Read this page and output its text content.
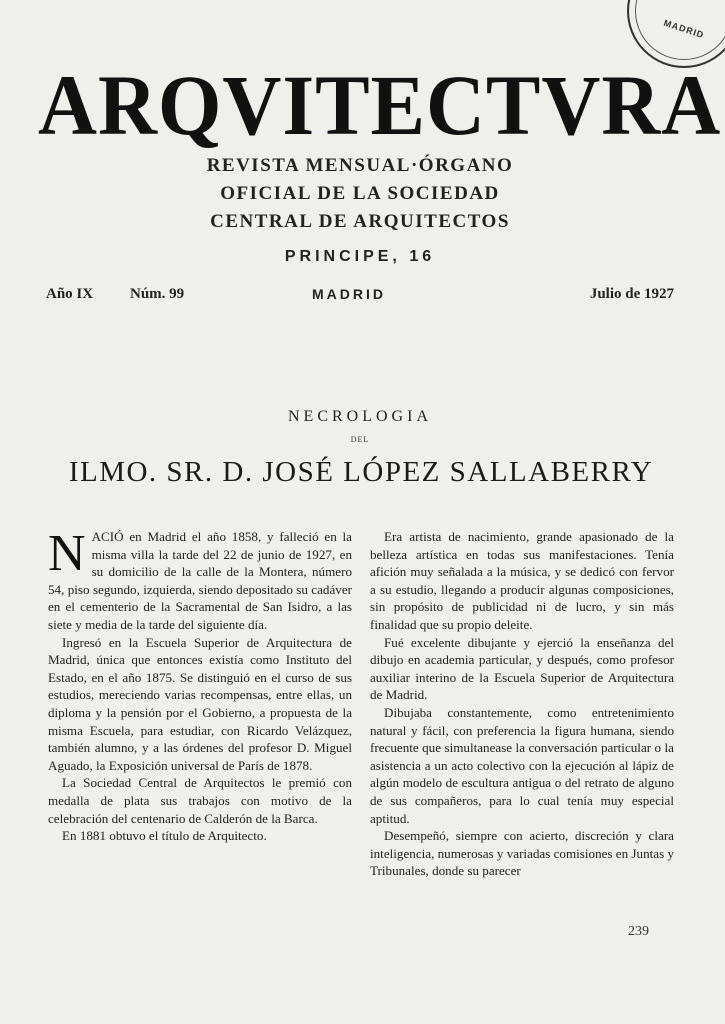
MADRID
ARQVITECTVRA
REVISTA MENSUAL·ÓRGANO
OFICIAL DE LA SOCIEDAD
CENTRAL DE ARQUITECTOS
PRINCIPE, 16
Año IX Núm. 99	MADRID	Julio de 1927
NECROLOGIA
DEL
ILMO. SR. D. JOSÉ LÓPEZ SALLABERRY

NACIÓ en Madrid el año 1858, y falleció en la misma villa la tarde del 22 de junio de 1927, en su domicilio de la calle de la Montera, número 54, piso segundo, izquierda, siendo depositado su cadáver en el cementerio de la Sacramental de San Isidro, a las siete y media de la tarde del siguiente día.

Ingresó en la Escuela Superior de Arquitectura de Madrid, única que entonces existía como Instituto del Estado, en el año 1875. Se distinguió en el curso de sus estudios, mereciendo varias recompensas, entre ellas, un diploma y la pensión por el Gobierno, a propuesta de la misma Escuela, para estudiar, con Ricardo Velázquez, también alumno, y a las órdenes del profesor D. Miguel Aguado, la Exposición universal de París de 1878.

La Sociedad Central de Arquitectos le premió con medalla de plata sus trabajos con motivo de la celebración del centenario de Calderón de la Barca.

En 1881 obtuvo el título de Arquitecto.

Era artista de nacimiento, grande apasionado de la belleza artística en todas sus manifestaciones. Tenía afición muy señalada a la música, y se dedicó con fervor a su estudio, llegando a producir algunas composiciones, sin propósito de publicidad ni de lucro, y sin más finalidad que su propio deleite.

Fué excelente dibujante y ejerció la enseñanza del dibujo en academia particular, y después, como profesor auxiliar interino de la Escuela Superior de Arquitectura de Madrid.

Dibujaba constantemente, como entretenimiento natural y fácil, con preferencia la figura humana, siendo frecuente que simultanease la conversación particular o la asistencia a un acto colectivo con la ejecución al lápiz de algún modelo de escultura antigua o del retrato de alguno de sus compañeros, para lo cual tenía muy especial aptitud.

Desempeñó, siempre con acierto, discreción y clara inteligencia, numerosas y variadas comisiones en Juntas y Tribunales, donde su parecer

239
